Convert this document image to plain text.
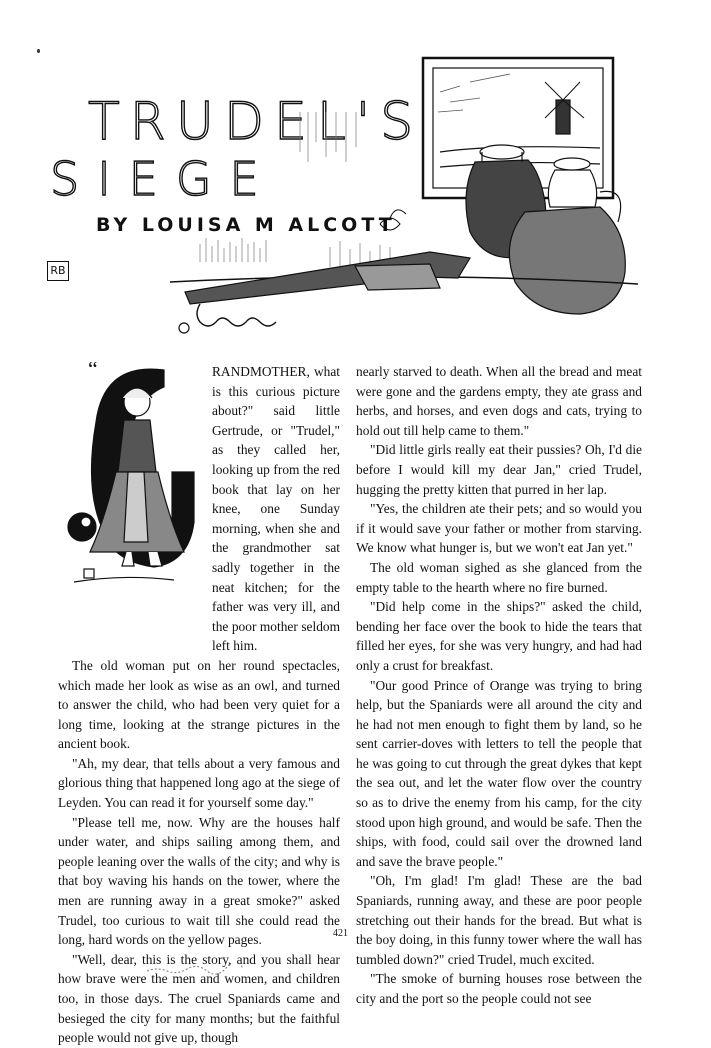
TRUDEL'S
SIEGE
BY LOUISA M ALCOTT
RB
“	RANDMOTHER, what is this curious picture about?" said little Gertrude, or "Trudel," as they called her, looking up from the red book that lay on her knee, one Sunday morning, when she and the grandmother sat sadly together in the neat kitchen; for the father was very ill, and the poor mother seldom left him.

The old woman put on her round spectacles, which made her look as wise as an owl, and turned to answer the child, who had been very quiet for a long time, looking at the strange pictures in the ancient book.

"Ah, my dear, that tells about a very famous and glorious thing that happened long ago at the siege of Leyden. You can read it for yourself some day."

"Please tell me, now. Why are the houses half under water, and ships sailing among them, and people leaning over the walls of the city; and why is that boy waving his hands on the tower, where the men are running away in a great smoke?" asked Trudel, too curious to wait till she could read the long, hard words on the yellow pages.

"Well, dear, this is the story, and you shall hear how brave were the men and women, and children too, in those days. The cruel Spaniards came and besieged the city for many months; but the faithful people would not give up, though

nearly starved to death. When all the bread and meat were gone and the gardens empty, they ate grass and herbs, and horses, and even dogs and cats, trying to hold out till help came to them."

"Did little girls really eat their pussies? Oh, I'd die before I would kill my dear Jan," cried Trudel, hugging the pretty kitten that purred in her lap.

"Yes, the children ate their pets; and so would you if it would save your father or mother from starving. We know what hunger is, but we won't eat Jan yet."

The old woman sighed as she glanced from the empty table to the hearth where no fire burned.

"Did help come in the ships?" asked the child, bending her face over the book to hide the tears that filled her eyes, for she was very hungry, and had had only a crust for breakfast.

"Our good Prince of Orange was trying to bring help, but the Spaniards were all around the city and he had not men enough to fight them by land, so he sent carrier-doves with letters to tell the people that he was going to cut through the great dykes that kept the sea out, and let the water flow over the country so as to drive the enemy from his camp, for the city stood upon high ground, and would be safe. Then the ships, with food, could sail over the drowned land and save the brave people."

"Oh, I'm glad! I'm glad! These are the bad Spaniards, running away, and these are poor people stretching out their hands for the bread. But what is the boy doing, in this funny tower where the wall has tumbled down?" cried Trudel, much excited.

"The smoke of burning houses rose between the city and the port so the people could not see

421
